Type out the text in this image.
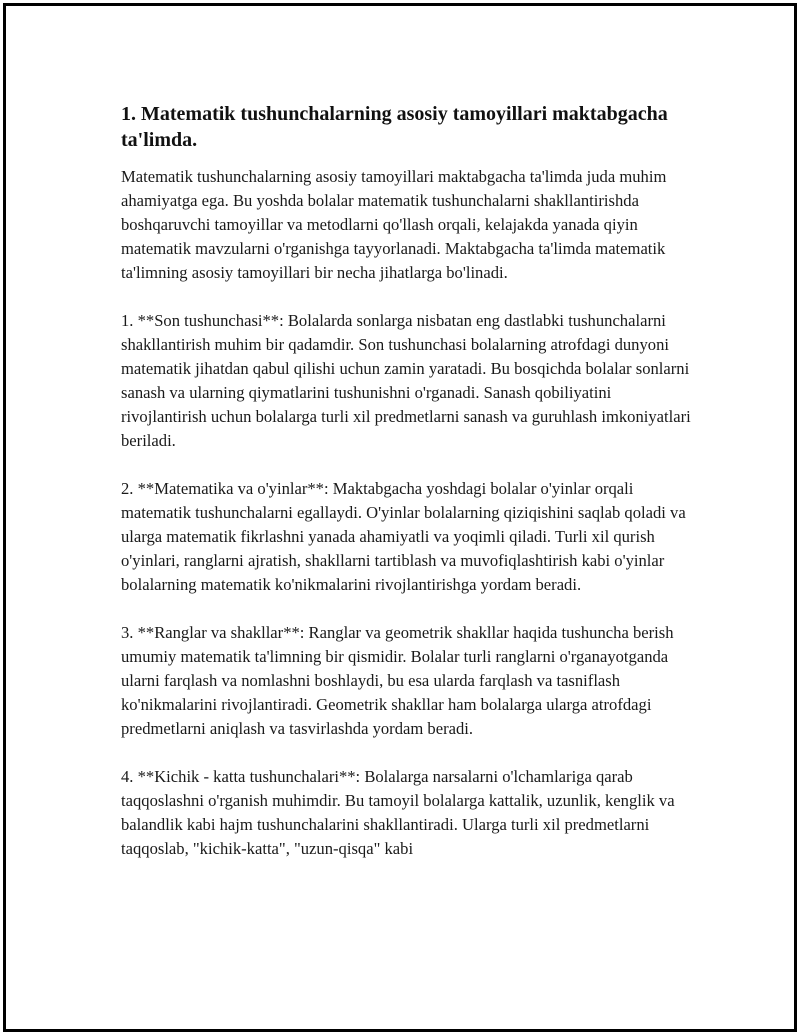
1. Matematik tushunchalarning asosiy tamoyillari maktabgacha ta'limda.

Matematik tushunchalarning asosiy tamoyillari maktabgacha ta'limda juda muhim ahamiyatga ega. Bu yoshda bolalar matematik tushunchalarni shakllantirishda boshqaruvchi tamoyillar va metodlarni qo'llash orqali, kelajakda yanada qiyin matematik mavzularni o'rganishga tayyorlanadi. Maktabgacha ta'limda matematik ta'limning asosiy tamoyillari bir necha jihatlarga bo'linadi.

1. **Son tushunchasi**: Bolalarda sonlarga nisbatan eng dastlabki tushunchalarni shakllantirish muhim bir qadamdir. Son tushunchasi bolalarning atrofdagi dunyoni matematik jihatdan qabul qilishi uchun zamin yaratadi. Bu bosqichda bolalar sonlarni sanash va ularning qiymatlarini tushunishni o'rganadi. Sanash qobiliyatini rivojlantirish uchun bolalarga turli xil predmetlarni sanash va guruhlash imkoniyatlari beriladi.

2. **Matematika va o'yinlar**: Maktabgacha yoshdagi bolalar o'yinlar orqali matematik tushunchalarni egallaydi. O'yinlar bolalarning qiziqishini saqlab qoladi va ularga matematik fikrlashni yanada ahamiyatli va yoqimli qiladi. Turli xil qurish o'yinlari, ranglarni ajratish, shakllarni tartiblash va muvofiqlashtirish kabi o'yinlar bolalarning matematik ko'nikmalarini rivojlantirishga yordam beradi.

3. **Ranglar va shakllar**: Ranglar va geometrik shakllar haqida tushuncha berish umumiy matematik ta'limning bir qismidir. Bolalar turli ranglarni o'rganayotganda ularni farqlash va nomlashni boshlaydi, bu esa ularda farqlash va tasniflash ko'nikmalarini rivojlantiradi. Geometrik shakllar ham bolalarga ularga atrofdagi predmetlarni aniqlash va tasvirlashda yordam beradi.

4. **Kichik - katta tushunchalari**: Bolalarga narsalarni o'lchamlariga qarab taqqoslashni o'rganish muhimdir. Bu tamoyil bolalarga kattalik, uzunlik, kenglik va balandlik kabi hajm tushunchalarini shakllantiradi. Ularga turli xil predmetlarni taqqoslab, "kichik-katta", "uzun-qisqa" kabi
